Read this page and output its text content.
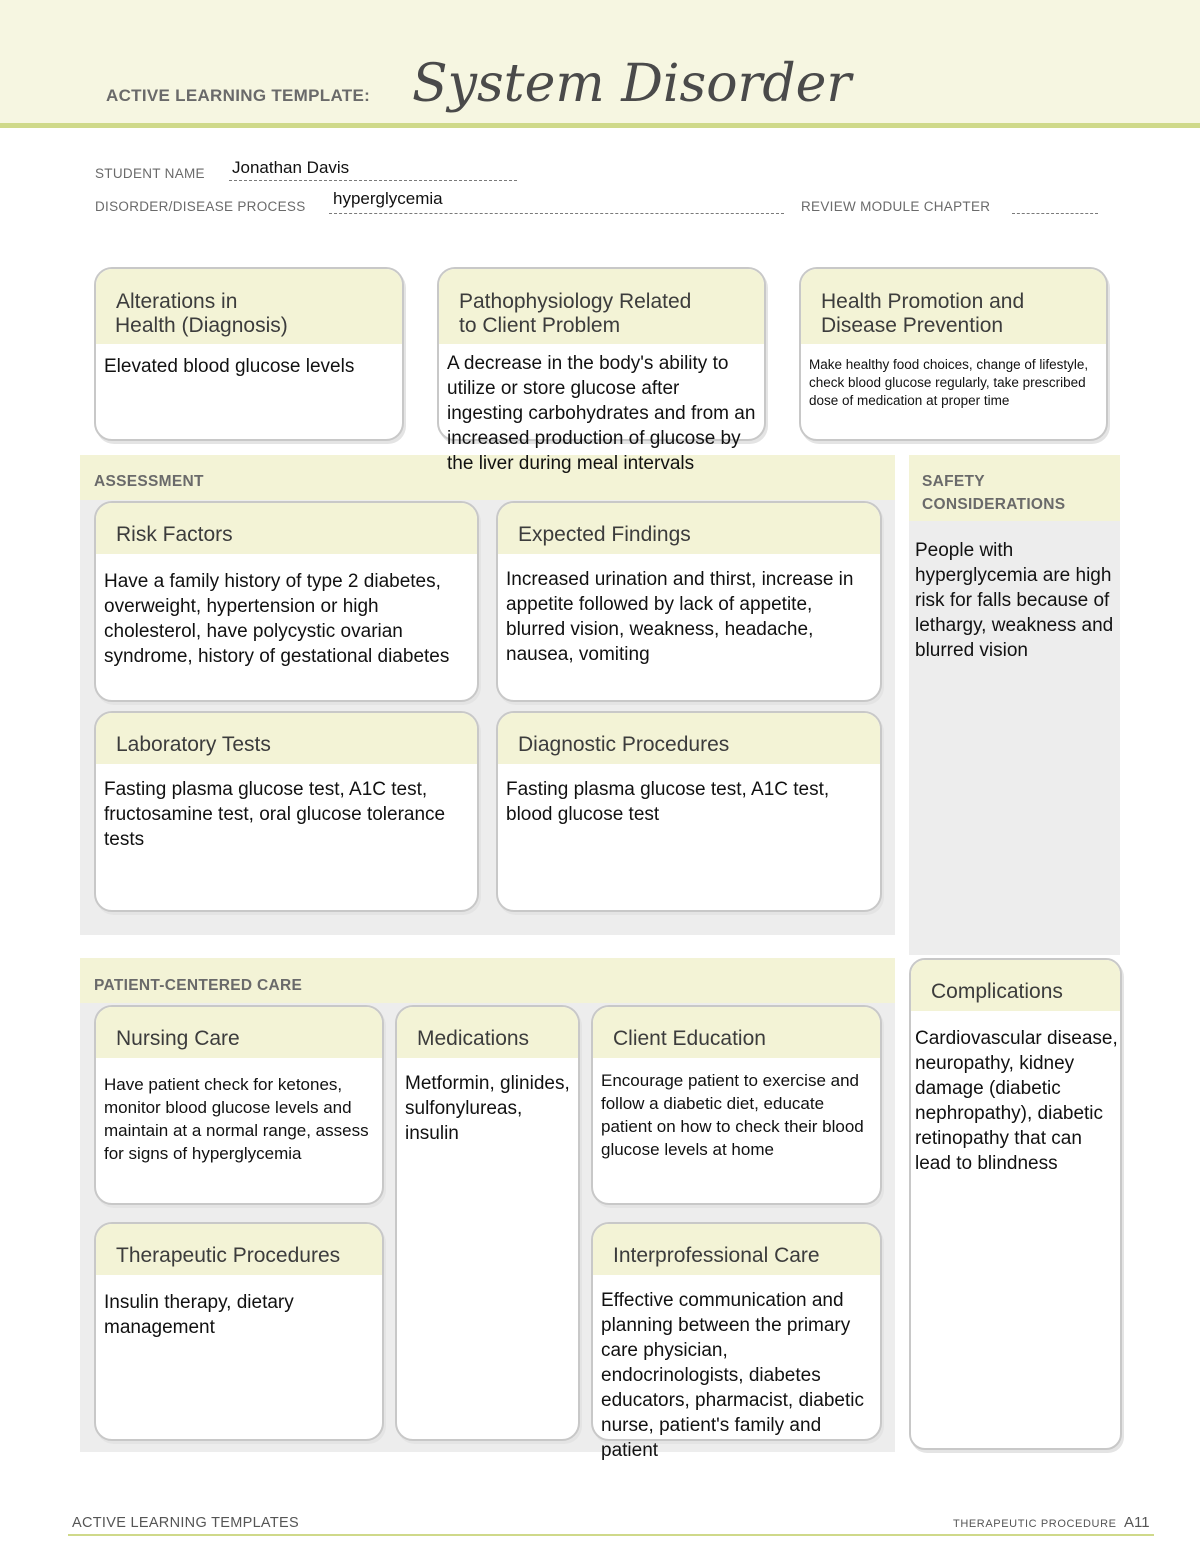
ACTIVE LEARNING TEMPLATE: System Disorder
STUDENT NAME Jonathan Davis
DISORDER/DISEASE PROCESS hyperglycemia	REVIEW MODULE CHAPTER
Alterations in
Health (Diagnosis)
Elevated blood glucose levels
Pathophysiology Related
to Client Problem
A decrease in the body's ability to utilize or store glucose after ingesting carbohydrates and from an increased production of glucose by the liver during meal intervals
Health Promotion and
Disease Prevention
Make healthy food choices, change of lifestyle, check blood glucose regularly, take prescribed dose of medication at proper time
ASSESSMENT	SAFETY
CONSIDERATIONS
People with hyperglycemia are high risk for falls because of lethargy, weakness and blurred vision
Risk Factors
Have a family history of type 2 diabetes, overweight, hypertension or high cholesterol, have polycystic ovarian syndrome, history of gestational diabetes
Expected Findings
Increased urination and thirst, increase in appetite followed by lack of appetite, blurred vision, weakness, headache, nausea, vomiting
Laboratory Tests
Fasting plasma glucose test, A1C test, fructosamine test, oral glucose tolerance tests
Diagnostic Procedures
Fasting plasma glucose test, A1C test, blood glucose test
PATIENT-CENTERED CARE	Complications
Cardiovascular disease, neuropathy, kidney damage (diabetic nephropathy), diabetic retinopathy that can lead to blindness
Nursing Care
Have patient check for ketones, monitor blood glucose levels and maintain at a normal range, assess for signs of hyperglycemia
Medications
Metformin, glinides, sulfonylureas, insulin
Client Education
Encourage patient to exercise and follow a diabetic diet, educate patient on how to check their blood glucose levels at home
Therapeutic Procedures
Insulin therapy, dietary management
Interprofessional Care
Effective communication and planning between the primary care physician, endocrinologists, diabetes educators, pharmacist, diabetic nurse, patient's family and patient
ACTIVE LEARNING TEMPLATES	THERAPEUTIC PROCEDURE A11
